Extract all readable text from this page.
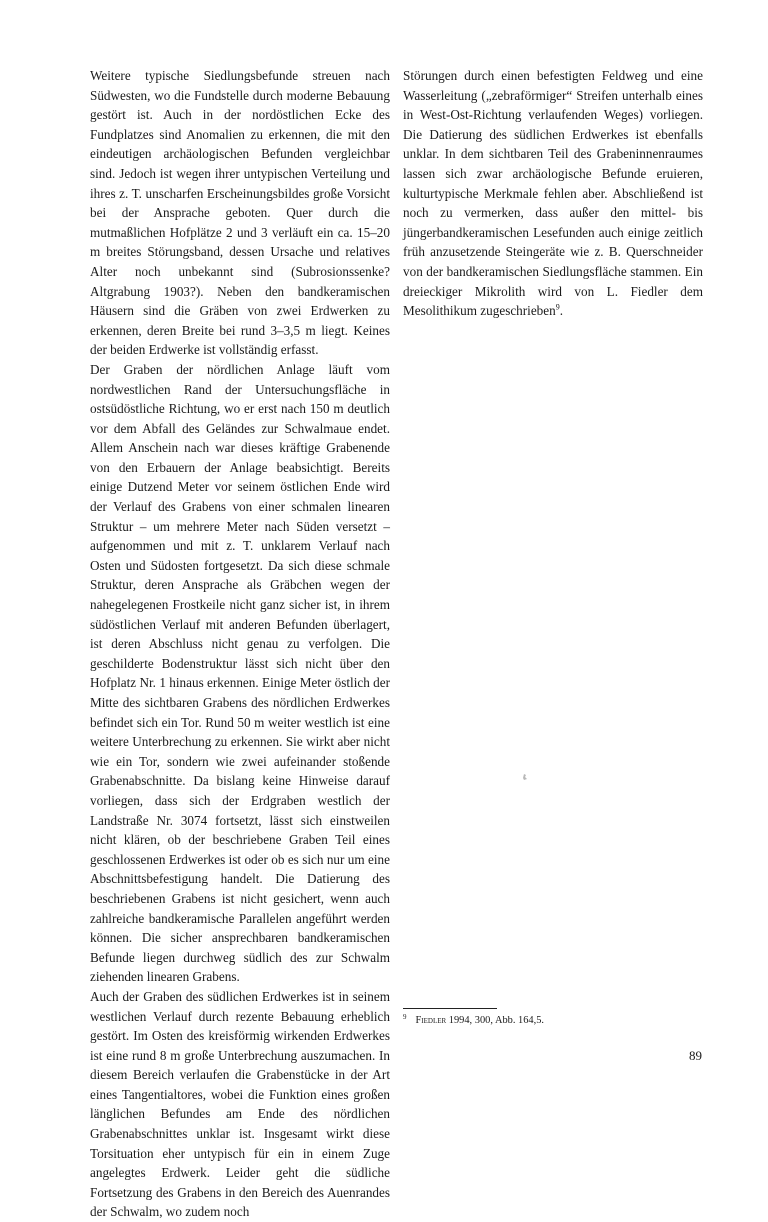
Weitere typische Siedlungsbefunde streuen nach Südwesten, wo die Fundstelle durch moderne Bebauung gestört ist. Auch in der nordöstlichen Ecke des Fundplatzes sind Anomalien zu erkennen, die mit den eindeutigen archäologischen Befunden vergleichbar sind. Jedoch ist wegen ihrer untypischen Verteilung und ihres z. T. unscharfen Erscheinungsbildes große Vorsicht bei der Ansprache geboten. Quer durch die mutmaßlichen Hofplätze 2 und 3 verläuft ein ca. 15–20 m breites Störungsband, dessen Ursache und relatives Alter noch unbekannt sind (Subrosionssenke? Altgrabung 1903?). Neben den bandkeramischen Häusern sind die Gräben von zwei Erdwerken zu erkennen, deren Breite bei rund 3–3,5 m liegt. Keines der beiden Erdwerke ist vollständig erfasst.

Der Graben der nördlichen Anlage läuft vom nordwestlichen Rand der Untersuchungsfläche in ostsüdöstliche Richtung, wo er erst nach 150 m deutlich vor dem Abfall des Geländes zur Schwalmaue endet. Allem Anschein nach war dieses kräftige Grabenende von den Erbauern der Anlage beabsichtigt. Bereits einige Dutzend Meter vor seinem östlichen Ende wird der Verlauf des Grabens von einer schmalen linearen Struktur – um mehrere Meter nach Süden versetzt – aufgenommen und mit z. T. unklarem Verlauf nach Osten und Südosten fortgesetzt. Da sich diese schmale Struktur, deren Ansprache als Gräbchen wegen der nahegelegenen Frostkeile nicht ganz sicher ist, in ihrem südöstlichen Verlauf mit anderen Befunden überlagert, ist deren Abschluss nicht genau zu verfolgen. Die geschilderte Bodenstruktur lässt sich nicht über den Hofplatz Nr. 1 hinaus erkennen. Einige Meter östlich der Mitte des sichtbaren Grabens des nördlichen Erdwerkes befindet sich ein Tor. Rund 50 m weiter westlich ist eine weitere Unterbrechung zu erkennen. Sie wirkt aber nicht wie ein Tor, sondern wie zwei aufeinander stoßende Grabenabschnitte. Da bislang keine Hinweise darauf vorliegen, dass sich der Erdgraben westlich der Landstraße Nr. 3074 fortsetzt, lässt sich einstweilen nicht klären, ob der beschriebene Graben Teil eines geschlossenen Erdwerkes ist oder ob es sich nur um eine Abschnittsbefestigung handelt. Die Datierung des beschriebenen Grabens ist nicht gesichert, wenn auch zahlreiche bandkeramische Parallelen angeführt werden können. Die sicher ansprechbaren bandkeramischen Befunde liegen durchweg südlich des zur Schwalm ziehenden linearen Grabens.

Auch der Graben des südlichen Erdwerkes ist in seinem westlichen Verlauf durch rezente Bebauung erheblich gestört. Im Osten des kreisförmig wirkenden Erdwerkes ist eine rund 8 m große Unterbrechung auszumachen. In diesem Bereich verlaufen die Grabenstücke in der Art eines Tangentialtores, wobei die Funktion eines großen länglichen Befundes am Ende des nördlichen Grabenabschnittes unklar ist. Insgesamt wirkt diese Torsituation eher untypisch für ein in einem Zuge angelegtes Erdwerk. Leider geht die südliche Fortsetzung des Grabens in den Bereich des Auenrandes der Schwalm, wo zudem noch

Störungen durch einen befestigten Feldweg und eine Wasserleitung („zebraförmiger“ Streifen unterhalb eines in West-Ost-Richtung verlaufenden Weges) vorliegen. Die Datierung des südlichen Erdwerkes ist ebenfalls unklar. In dem sichtbaren Teil des Grabeninnenraumes lassen sich zwar archäologische Befunde eruieren, kulturtypische Merkmale fehlen aber. Abschließend ist noch zu vermerken, dass außer den mittel- bis jüngerbandkeramischen Lesefunden auch einige zeitlich früh anzusetzende Steingeräte wie z. B. Querschneider von der bandkeramischen Siedlungsfläche stammen. Ein dreieckiger Mikrolith wird von L. Fiedler dem Mesolithikum zugeschrieben$^9$.

$^9$ Fiedler 1994, 300, Abb. 164,5.
89
